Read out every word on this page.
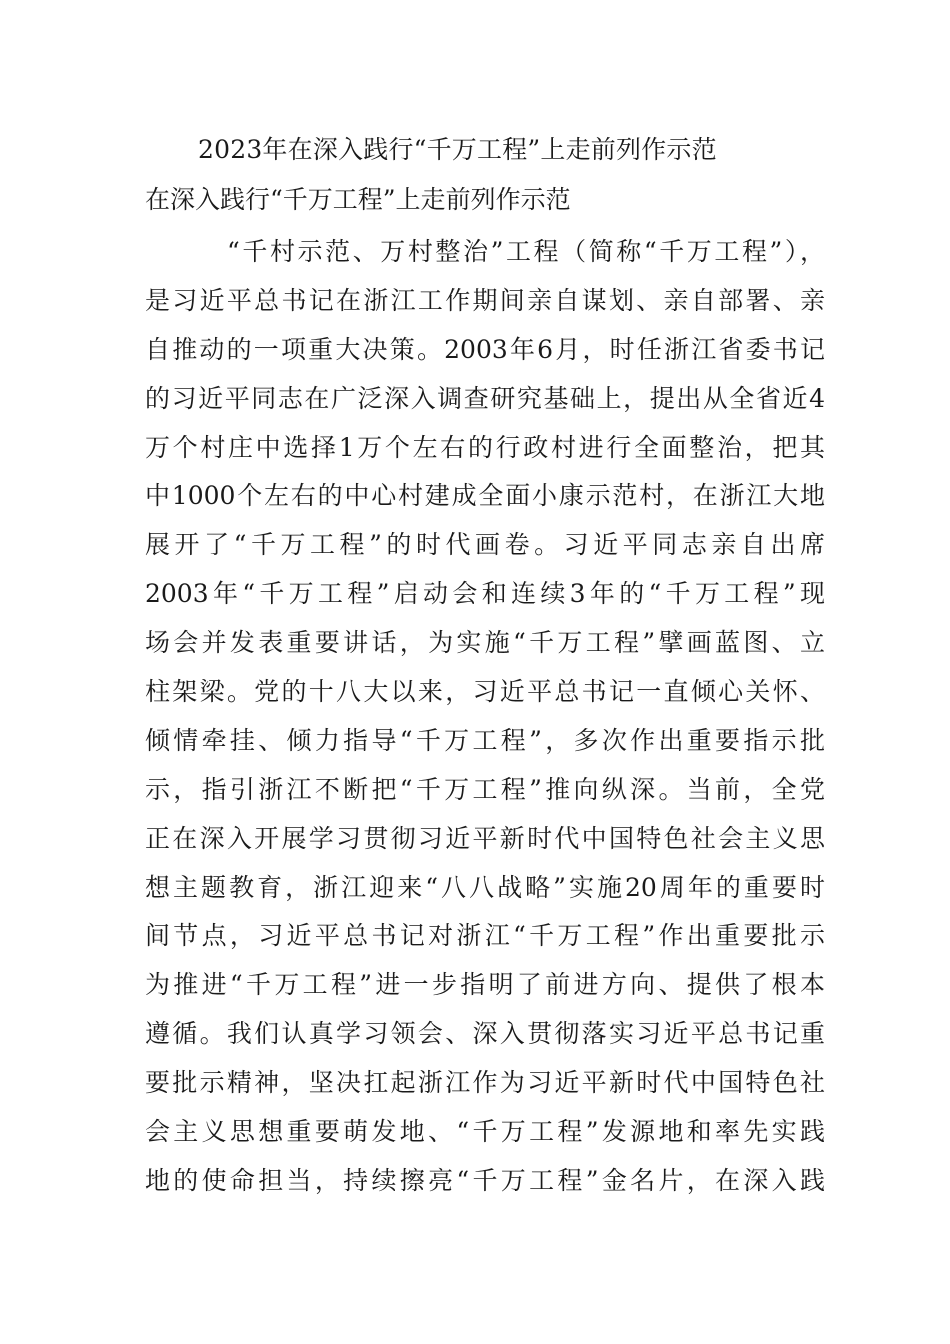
2023年在深入践行“千万工程”上走前列作示范
在深入践行“千万工程”上走前列作示范
“千村示范、万村整治”工程（简称“千万工程”），
是习近平总书记在浙江工作期间亲自谋划、亲自部署、亲
自推动的一项重大决策。2003年6月，时任浙江省委书记
的习近平同志在广泛深入调查研究基础上，提出从全省近4
万个村庄中选择1万个左右的行政村进行全面整治，把其
中1000个左右的中心村建成全面小康示范村，在浙江大地
展开了“千万工程”的时代画卷。习近平同志亲自出席
2003年“千万工程”启动会和连续3年的“千万工程”现
场会并发表重要讲话，为实施“千万工程”擘画蓝图、立
柱架梁。党的十八大以来，习近平总书记一直倾心关怀、
倾情牵挂、倾力指导“千万工程”，多次作出重要指示批
示，指引浙江不断把“千万工程”推向纵深。当前，全党
正在深入开展学习贯彻习近平新时代中国特色社会主义思
想主题教育，浙江迎来“八八战略”实施20周年的重要时
间节点，习近平总书记对浙江“千万工程”作出重要批示
为推进“千万工程”进一步指明了前进方向、提供了根本
遵循。我们认真学习领会、深入贯彻落实习近平总书记重
要批示精神，坚决扛起浙江作为习近平新时代中国特色社
会主义思想重要萌发地、“千万工程”发源地和率先实践
地的使命担当，持续擦亮“千万工程”金名片，在深入践
